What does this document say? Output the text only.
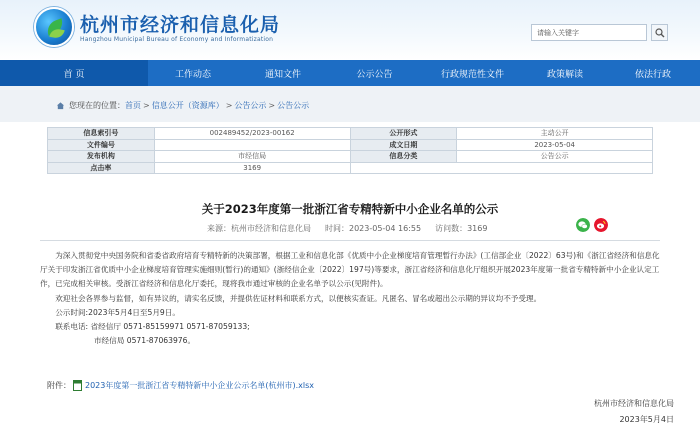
杭州市经济和信息化局
Hangzhou Municipal Bureau of Economy and Informatization
请输入关键字
首 页	工作动态	通知文件	公示公告	行政规范性文件	政策解读	依法行政
您现在的位置： 首页 > 信息公开（资源库） > 公告公示 > 公告公示
信息索引号	002489452/2023-00162	公开形式	主动公开
文件编号		成文日期	2023-05-04
发布机构	市经信局	信息分类	公告公示
点击率	3169		
关于2023年度第一批浙江省专精特新中小企业名单的公示
来源：杭州市经济和信息化局 时间：2023-05-04 16:55 访问数：3169

为深入贯彻党中央国务院和省委省政府培育专精特新的决策部署，根据工业和信息化部《优质中小企业梯度培育管理暂行办法》(工信部企业〔2022〕63号)和《浙江省经济和信息化厅关于印发浙江省优质中小企业梯度培育管理实施细则(暂行)的通知》(浙经信企业〔2022〕197号)等要求，浙江省经济和信息化厅组织开展2023年度第一批省专精特新中小企业认定工作，已完成相关审核。受浙江省经济和信息化厅委托，现将我市通过审核的企业名单予以公示(见附件)。

欢迎社会各界参与监督，如有异议的，请实名反馈，并提供佐证材料和联系方式，以便核实查证。凡匿名、冒名或超出公示期的异议均不予受理。

公示时间:2023年5月4日至5月9日。
联系电话: 省经信厅 0571-85159971 0571-87059133;
市经信局 0571-87063976。
附件： 2023年度第一批浙江省专精特新中小企业公示名单(杭州市).xlsx
杭州市经济和信息化局
2023年5月4日
